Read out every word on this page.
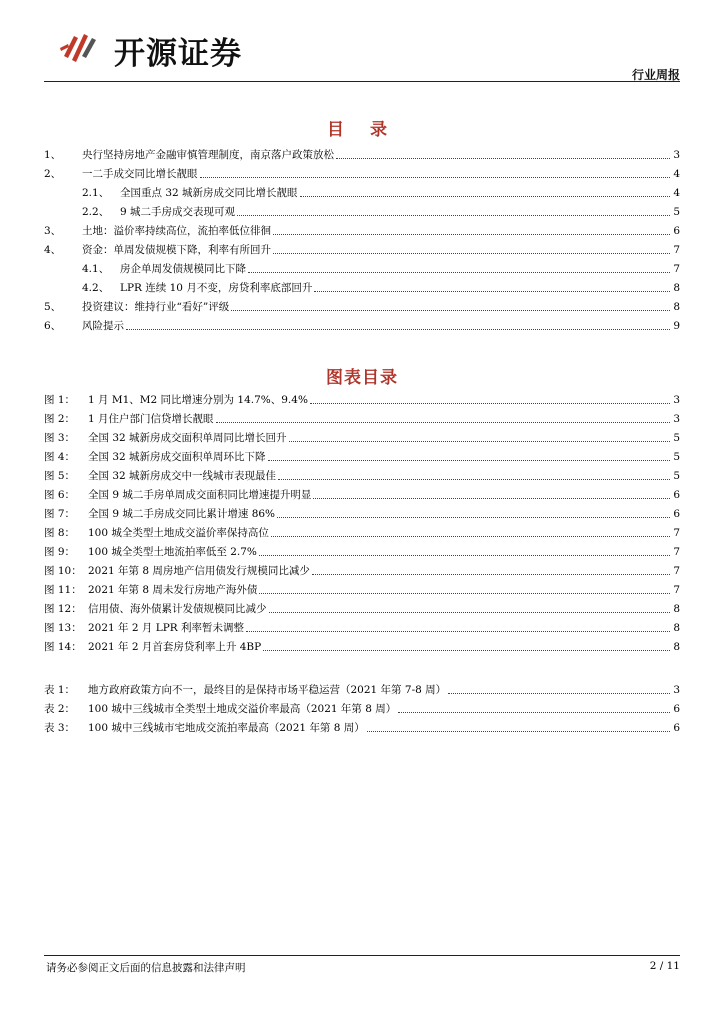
开源证券
行业周报
目 录
1、	央行坚持房地产金融审慎管理制度，南京落户政策放松	3
2、	一二手成交同比增长靓眼	4
2.1、	全国重点 32 城新房成交同比增长靓眼	4
2.2、	9 城二手房成交表现可观	5
3、	土地：溢价率持续高位，流拍率低位徘徊	6
4、	资金：单周发债规模下降，利率有所回升	7
4.1、	房企单周发债规模同比下降	7
4.2、	LPR 连续 10 月不变，房贷利率底部回升	8
5、	投资建议：维持行业“看好”评级	8
6、	风险提示	9
图表目录
图 1：	1 月 M1、M2 同比增速分别为 14.7%、9.4%	3
图 2：	1 月住户部门信贷增长靓眼	3
图 3：	全国 32 城新房成交面积单周同比增长回升	5
图 4：	全国 32 城新房成交面积单周环比下降	5
图 5：	全国 32 城新房成交中一线城市表现最佳	5
图 6：	全国 9 城二手房单周成交面积同比增速提升明显	6
图 7：	全国 9 城二手房成交同比累计增速 86%	6
图 8：	100 城全类型土地成交溢价率保持高位	7
图 9：	100 城全类型土地流拍率低至 2.7%	7
图 10： 2021 年第 8 周房地产信用债发行规模同比减少	7
图 11： 2021 年第 8 周未发行房地产海外债	7
图 12： 信用债、海外债累计发债规模同比减少	8
图 13： 2021 年 2 月 LPR 利率暂未调整	8
图 14： 2021 年 2 月首套房贷利率上升 4BP	8
表 1：	地方政府政策方向不一，最终目的是保持市场平稳运营（2021 年第 7-8 周）	3
表 2：	100 城中三线城市全类型土地成交溢价率最高（2021 年第 8 周）	6
表 3：	100 城中三线城市宅地成交流拍率最高（2021 年第 8 周）	6
请务必参阅正文后面的信息披露和法律声明	2 / 11
